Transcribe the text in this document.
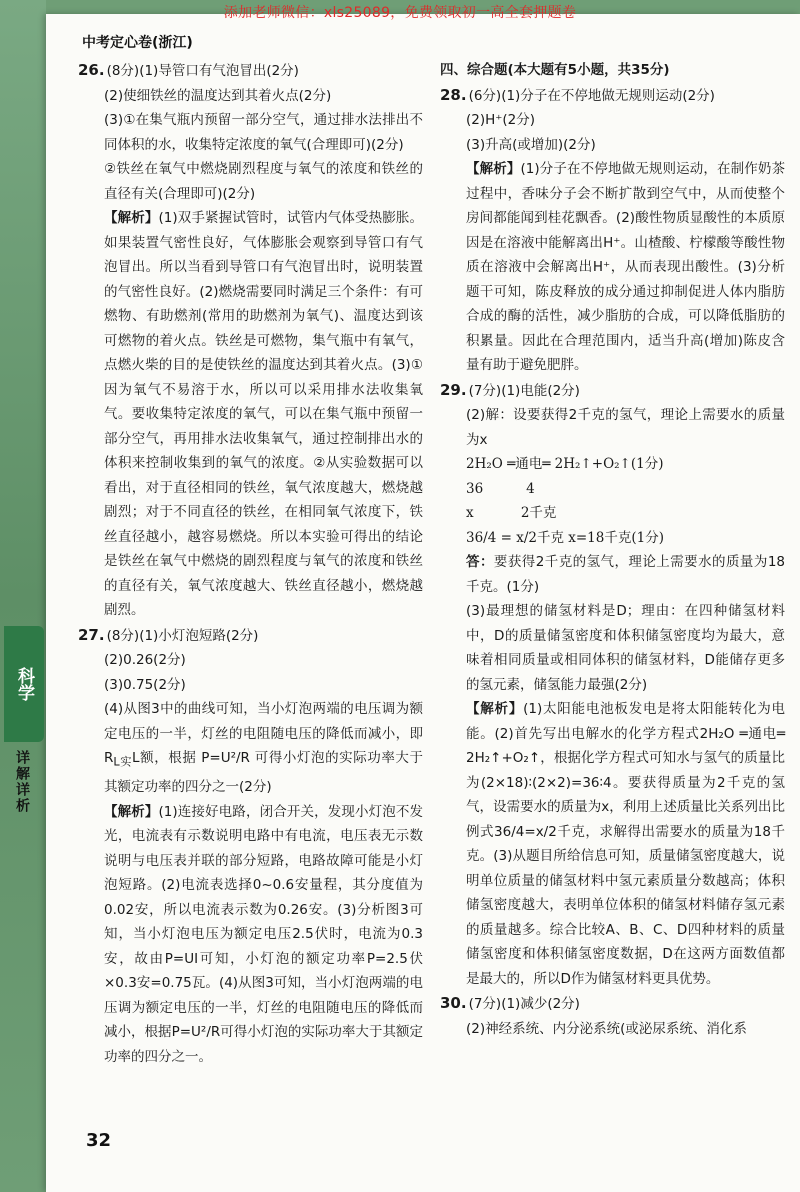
添加老师微信：xls25089，免费领取初一高全套押题卷
中考定心卷(浙江)
科学
详解详析

26. (8分)(1)导管口有气泡冒出(2分)

(2)使细铁丝的温度达到其着火点(2分)

(3)①在集气瓶内预留一部分空气，通过排水法排出不同体积的水，收集特定浓度的氧气(合理即可)(2分)

②铁丝在氧气中燃烧剧烈程度与氧气的浓度和铁丝的直径有关(合理即可)(2分)

【解析】(1)双手紧握试管时，试管内气体受热膨胀。如果装置气密性良好，气体膨胀会观察到导管口有气泡冒出。所以当看到导管口有气泡冒出时，说明装置的气密性良好。(2)燃烧需要同时满足三个条件：有可燃物、有助燃剂(常用的助燃剂为氧气)、温度达到该可燃物的着火点。铁丝是可燃物，集气瓶中有氧气，点燃火柴的目的是使铁丝的温度达到其着火点。(3)①因为氧气不易溶于水，所以可以采用排水法收集氧气。要收集特定浓度的氧气，可以在集气瓶中预留一部分空气，再用排水法收集氧气，通过控制排出水的体积来控制收集到的氧气的浓度。②从实验数据可以看出，对于直径相同的铁丝，氧气浓度越大，燃烧越剧烈；对于不同直径的铁丝，在相同氧气浓度下，铁丝直径越小，越容易燃烧。所以本实验可得出的结论是铁丝在氧气中燃烧的剧烈程度与氧气的浓度和铁丝的直径有关，氧气浓度越大、铁丝直径越小，燃烧越剧烈。

27. (8分)(1)小灯泡短路(2分)

(2)0.26(2分)

(3)0.75(2分)

(4)从图3中的曲线可知，当小灯泡两端的电压调为额定电压的一半，灯丝的电阻随电压的降低而减小，即 $R_{L实}L$额，根据 P=U²/R 可得小灯泡的实际功率大于其额定功率的四分之一(2分)

【解析】(1)连接好电路，闭合开关，发现小灯泡不发光，电流表有示数说明电路中有电流，电压表无示数说明与电压表并联的部分短路，电路故障可能是小灯泡短路。(2)电流表选择0~0.6安量程，其分度值为0.02安，所以电流表示数为0.26安。(3)分析图3可知，当小灯泡电压为额定电压2.5伏时，电流为0.3安，故由P=UI可知，小灯泡的额定功率P=2.5伏×0.3安=0.75瓦。(4)从图3可知，当小灯泡两端的电压调为额定电压的一半，灯丝的电阻随电压的降低而减小，根据P=U²/R可得小灯泡的实际功率大于其额定功率的四分之一。

四、综合题(本大题有5小题，共35分)

28. (6分)(1)分子在不停地做无规则运动(2分)

(2)H⁺(2分)

(3)升高(或增加)(2分)

【解析】(1)分子在不停地做无规则运动，在制作奶茶过程中，香味分子会不断扩散到空气中，从而使整个房间都能闻到桂花飘香。(2)酸性物质显酸性的本质原因是在溶液中能解离出H⁺。山楂酸、柠檬酸等酸性物质在溶液中会解离出H⁺，从而表现出酸性。(3)分析题干可知，陈皮释放的成分通过抑制促进人体内脂肪合成的酶的活性，减少脂肪的合成，可以降低脂肪的积累量。因此在合理范围内，适当升高(增加)陈皮含量有助于避免肥胖。

29. (7分)(1)电能(2分)

(2)解：设要获得2千克的氢气，理论上需要水的质量为x

2H₂O ═通电═ 2H₂↑+O₂↑(1分)

36          4

x           2千克

36/4 = x/2千克 x=18千克(1分)

答：要获得2千克的氢气，理论上需要水的质量为18千克。(1分)

(3)最理想的储氢材料是D；理由：在四种储氢材料中，D的质量储氢密度和体积储氢密度均为最大，意味着相同质量或相同体积的储氢材料，D能储存更多的氢元素，储氢能力最强(2分)

【解析】(1)太阳能电池板发电是将太阳能转化为电能。(2)首先写出电解水的化学方程式2H₂O ═通电═ 2H₂↑+O₂↑，根据化学方程式可知水与氢气的质量比为(2×18)∶(2×2)=36∶4。要获得质量为2千克的氢气，设需要水的质量为x，利用上述质量比关系列出比例式36/4=x/2千克，求解得出需要水的质量为18千克。(3)从题目所给信息可知，质量储氢密度越大，说明单位质量的储氢材料中氢元素质量分数越高；体积储氢密度越大，表明单位体积的储氢材料储存氢元素的质量越多。综合比较A、B、C、D四种材料的质量储氢密度和体积储氢密度数据，D在这两方面数值都是最大的，所以D作为储氢材料更具优势。

30. (7分)(1)减少(2分)

(2)神经系统、内分泌系统(或泌尿系统、消化系

32
